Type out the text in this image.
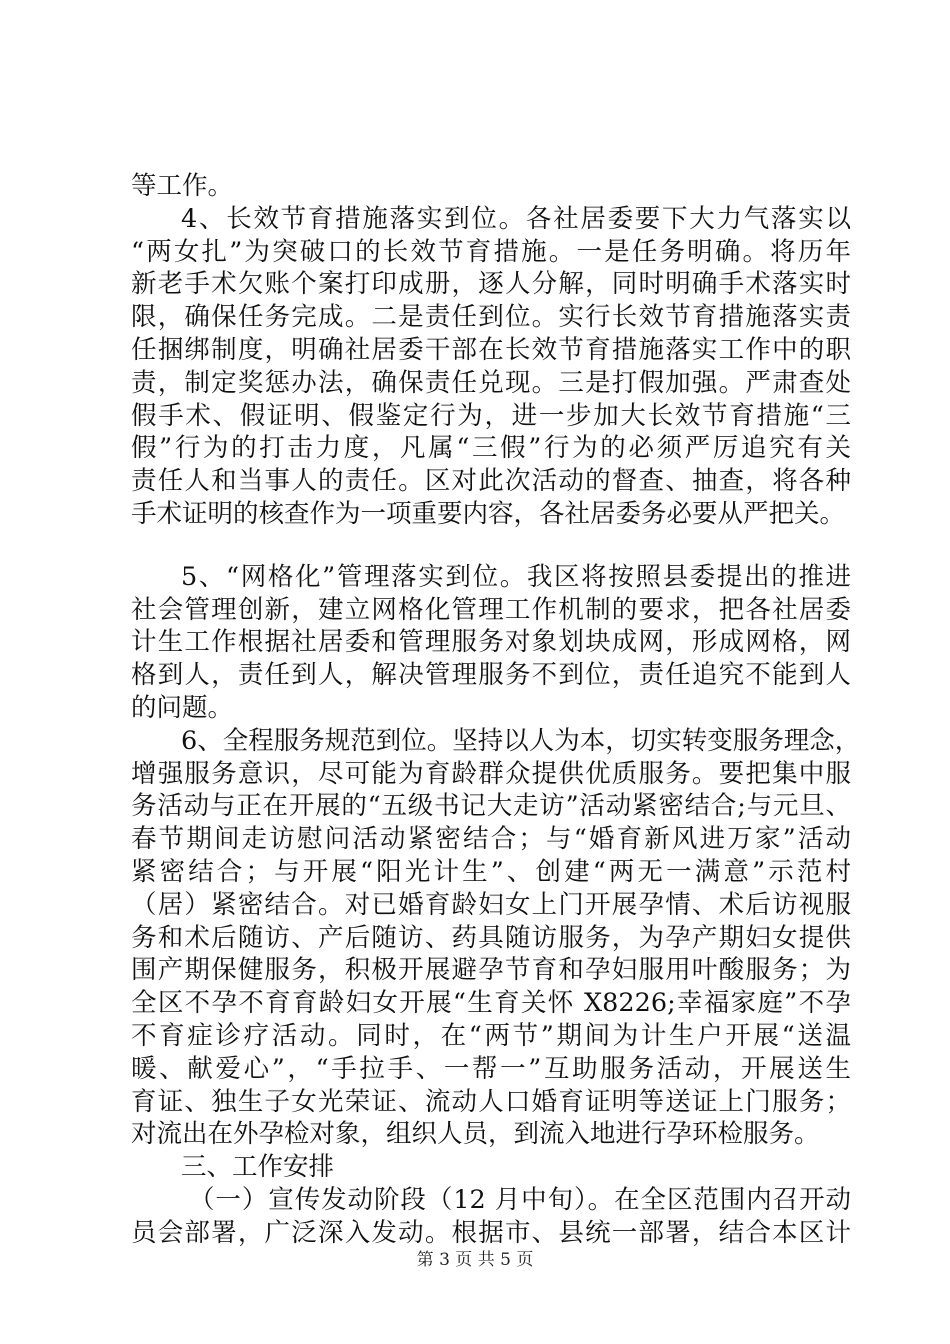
等工作。
4、长效节育措施落实到位。各社居委要下大力气落实以
“两女扎”为突破口的长效节育措施。一是任务明确。将历年
新老手术欠账个案打印成册，逐人分解，同时明确手术落实时
限，确保任务完成。二是责任到位。实行长效节育措施落实责
任捆绑制度，明确社居委干部在长效节育措施落实工作中的职
责，制定奖惩办法，确保责任兑现。三是打假加强。严肃查处
假手术、假证明、假鉴定行为，进一步加大长效节育措施“三
假”行为的打击力度，凡属“三假”行为的必须严厉追究有关
责任人和当事人的责任。区对此次活动的督查、抽查，将各种
手术证明的核查作为一项重要内容，各社居委务必要从严把关。
5、“网格化”管理落实到位。我区将按照县委提出的推进
社会管理创新，建立网格化管理工作机制的要求，把各社居委
计生工作根据社居委和管理服务对象划块成网，形成网格，网
格到人，责任到人，解决管理服务不到位，责任追究不能到人
的问题。
6、全程服务规范到位。坚持以人为本，切实转变服务理念，
增强服务意识，尽可能为育龄群众提供优质服务。要把集中服
务活动与正在开展的“五级书记大走访”活动紧密结合;与元旦、
春节期间走访慰问活动紧密结合；与“婚育新风进万家”活动
紧密结合；与开展“阳光计生”、创建“两无一满意”示范村
（居）紧密结合。对已婚育龄妇女上门开展孕情、术后访视服
务和术后随访、产后随访、药具随访服务，为孕产期妇女提供
围产期保健服务，积极开展避孕节育和孕妇服用叶酸服务；为
全区不孕不育育龄妇女开展“生育关怀 X8226;幸福家庭”不孕
不育症诊疗活动。同时，在“两节”期间为计生户开展“送温
暖、献爱心”，“手拉手、一帮一”互助服务活动，开展送生
育证、独生子女光荣证、流动人口婚育证明等送证上门服务；
对流出在外孕检对象，组织人员，到流入地进行孕环检服务。
三、工作安排
（一）宣传发动阶段（12 月中旬）。在全区范围内召开动
员会部署，广泛深入发动。根据市、县统一部署，结合本区计
第 3 页 共 5 页
